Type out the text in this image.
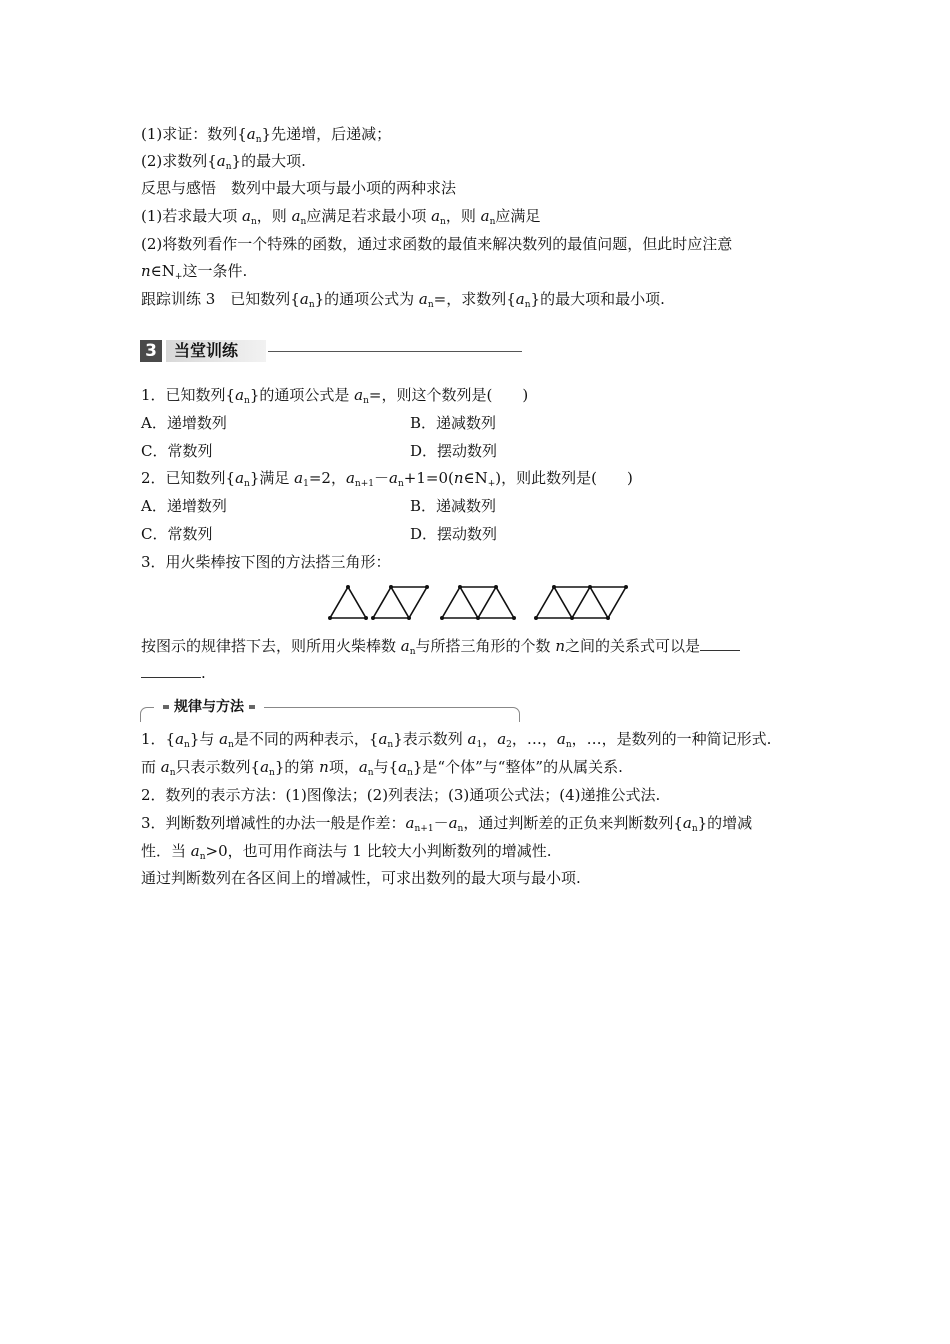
(1)求证：数列$\{a_n\}$先递增，后递减；
(2)求数列$\{a_n\}$的最大项.
反思与感悟　数列中最大项与最小项的两种求法
(1)若求最大项 $a_n$，则 $a_n$应满足若求最小项 $a_n$，则 $a_n$应满足
(2)将数列看作一个特殊的函数，通过求函数的最值来解决数列的最值问题，但此时应注意
$n\in N_+$这一条件.
跟踪训练 3　已知数列$\{a_n\}$的通项公式为 $a_n=$，求数列$\{a_n\}$的最大项和最小项.
3	当堂训练
1．已知数列$\{a_n\}$的通项公式是 $a_n=$，则这个数列是(　　)
A．递增数列	B．递减数列
C．常数列	D．摆动数列
2．已知数列$\{a_n\}$满足 $a_1=2$，$a_{n+1}-a_n+1=0(n\in N_+)$，则此数列是(　　)
A．递增数列	B．递减数列
C．常数列	D．摆动数列
3．用火柴棒按下图的方法搭三角形：
按图示的规律搭下去，则所用火柴棒数 $a_n$与所搭三角形的个数 n之间的关系式可以是
.
规律与方法
1．$\{a_n\}$与 $a_n$是不同的两种表示，$\{a_n\}$表示数列 $a_1$，$a_2$，…，$a_n$，…，是数列的一种简记形式.
而 $a_n$只表示数列$\{a_n\}$的第 n项，$a_n$与$\{a_n\}$是“个体”与“整体”的从属关系.
2．数列的表示方法：(1)图像法；(2)列表法；(3)通项公式法；(4)递推公式法.
3．判断数列增减性的办法一般是作差：$a_{n+1}-a_n$，通过判断差的正负来判断数列$\{a_n\}$的增减
性．当 $a_n>0$，也可用作商法与 1 比较大小判断数列的增减性.
通过判断数列在各区间上的增减性，可求出数列的最大项与最小项.
